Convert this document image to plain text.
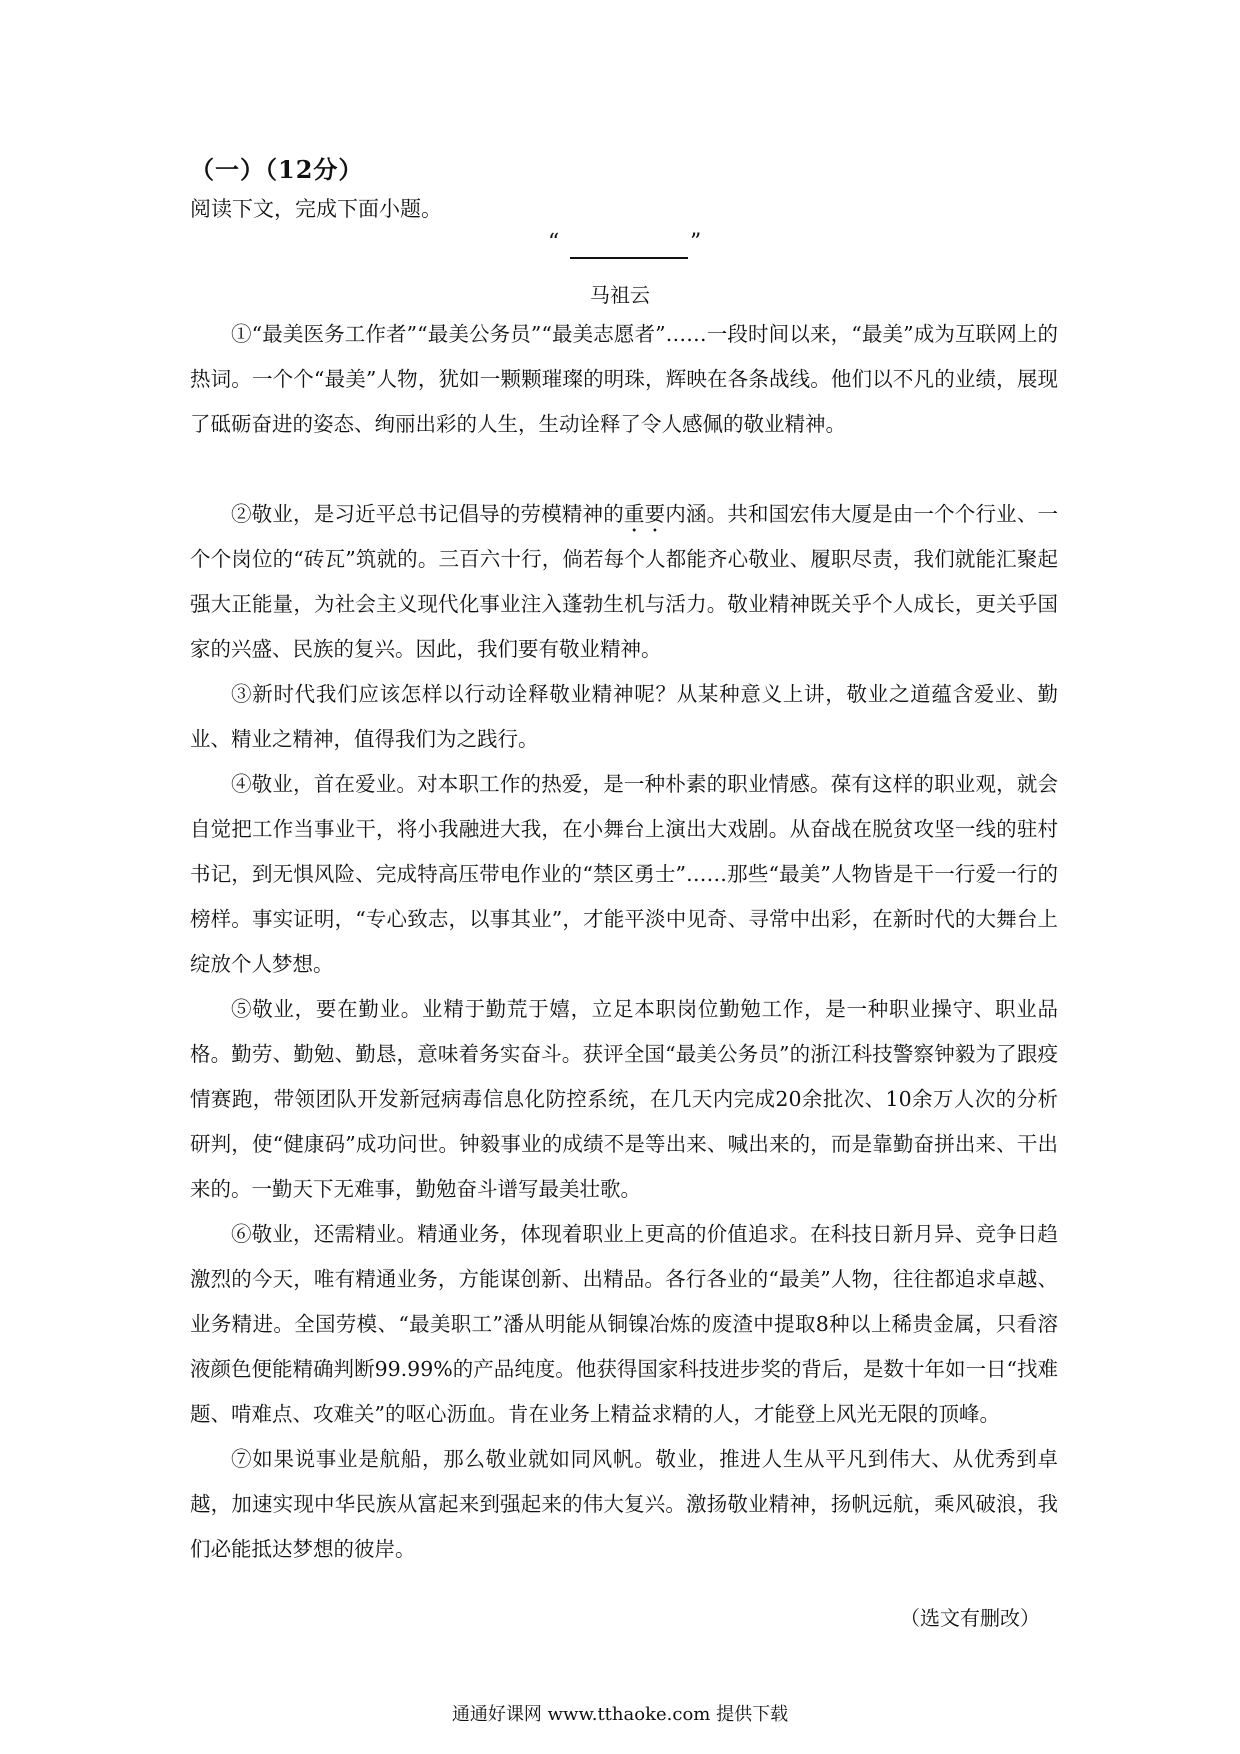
（一）（12分）
阅读下文，完成下面小题。
“	”
马祖云

①“最美医务工作者”“最美公务员”“最美志愿者”……一段时间以来，“最美”成为互联网上的热词。一个个“最美”人物，犹如一颗颗璀璨的明珠，辉映在各条战线。他们以不凡的业绩，展现了砥砺奋进的姿态、绚丽出彩的人生，生动诠释了令人感佩的敬业精神。

②敬业，是习近平总书记倡导的劳模精神的重要内涵。共和国宏伟大厦是由一个个行业、一个个岗位的“砖瓦”筑就的。三百六十行，倘若每个人都能齐心敬业、履职尽责，我们就能汇聚起强大正能量，为社会主义现代化事业注入蓬勃生机与活力。敬业精神既关乎个人成长，更关乎国家的兴盛、民族的复兴。因此，我们要有敬业精神。

③新时代我们应该怎样以行动诠释敬业精神呢？从某种意义上讲，敬业之道蕴含爱业、勤业、精业之精神，值得我们为之践行。

④敬业，首在爱业。对本职工作的热爱，是一种朴素的职业情感。葆有这样的职业观，就会自觉把工作当事业干，将小我融进大我，在小舞台上演出大戏剧。从奋战在脱贫攻坚一线的驻村书记，到无惧风险、完成特高压带电作业的“禁区勇士”……那些“最美”人物皆是干一行爱一行的榜样。事实证明，“专心致志，以事其业”，才能平淡中见奇、寻常中出彩，在新时代的大舞台上绽放个人梦想。

⑤敬业，要在勤业。业精于勤荒于嬉，立足本职岗位勤勉工作，是一种职业操守、职业品格。勤劳、勤勉、勤恳，意味着务实奋斗。获评全国“最美公务员”的浙江科技警察钟毅为了跟疫情赛跑，带领团队开发新冠病毒信息化防控系统，在几天内完成20余批次、10余万人次的分析研判，使“健康码”成功问世。钟毅事业的成绩不是等出来、喊出来的，而是靠勤奋拼出来、干出来的。一勤天下无难事，勤勉奋斗谱写最美壮歌。

⑥敬业，还需精业。精通业务，体现着职业上更高的价值追求。在科技日新月异、竞争日趋激烈的今天，唯有精通业务，方能谋创新、出精品。各行各业的“最美”人物，往往都追求卓越、业务精进。全国劳模、“最美职工”潘从明能从铜镍冶炼的废渣中提取8种以上稀贵金属，只看溶液颜色便能精确判断99.99%的产品纯度。他获得国家科技进步奖的背后，是数十年如一日“找难题、啃难点、攻难关”的呕心沥血。肯在业务上精益求精的人，才能登上风光无限的顶峰。

⑦如果说事业是航船，那么敬业就如同风帆。敬业，推进人生从平凡到伟大、从优秀到卓越，加速实现中华民族从富起来到强起来的伟大复兴。激扬敬业精神，扬帆远航，乘风破浪，我们必能抵达梦想的彼岸。

（选文有删改）
通通好课网 www.tthaoke.com 提供下载
